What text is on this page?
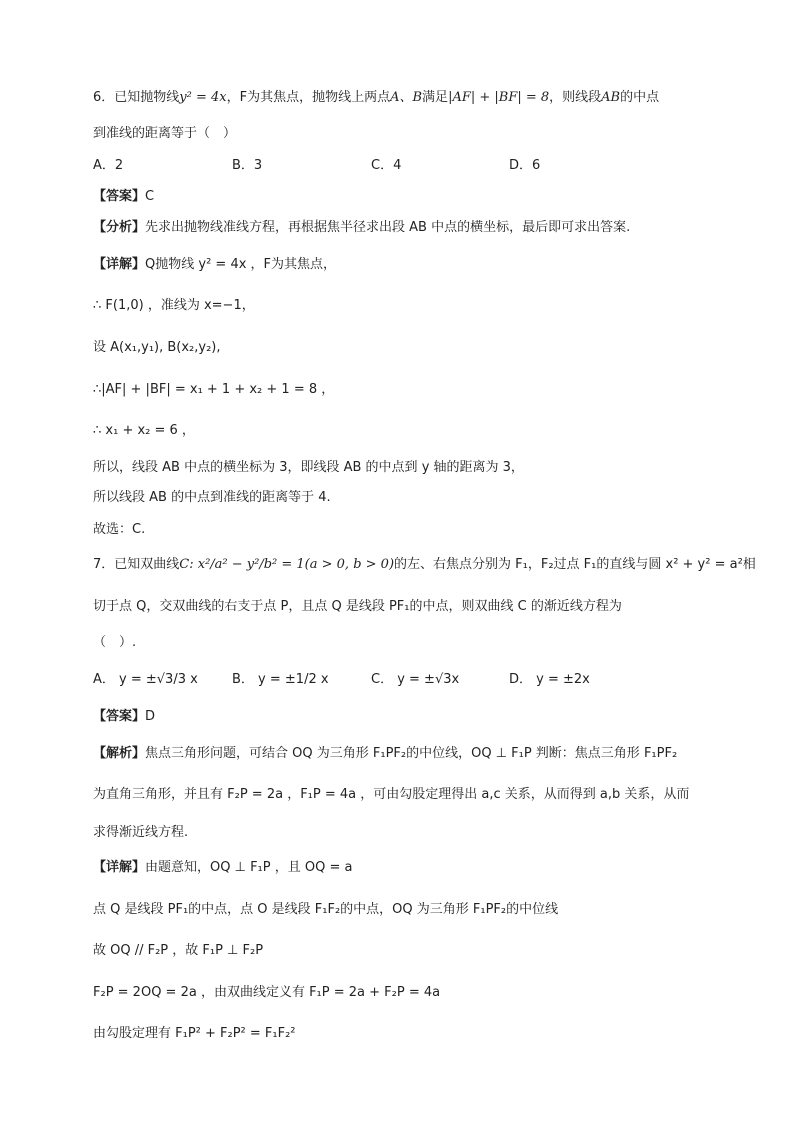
6．已知抛物线y² = 4x，F为其焦点，抛物线上两点A、B满足|AF| + |BF| = 8，则线段AB的中点
到准线的距离等于（　）
A．2	B．3	C．4	D．6
【答案】C
【分析】先求出抛物线准线方程，再根据焦半径求出段 AB 中点的横坐标，最后即可求出答案.
【详解】Q抛物线 y² = 4x ，F为其焦点，
∴ F(1,0) ，准线为 x=−1，
设 A(x₁,y₁), B(x₂,y₂),
∴|AF| + |BF| = x₁ + 1 + x₂ + 1 = 8 ，
∴ x₁ + x₂ = 6 ，
所以，线段 AB 中点的横坐标为 3，即线段 AB 的中点到 y 轴的距离为 3，
所以线段 AB 的中点到准线的距离等于 4.
故选：C.
7．已知双曲线C: x²/a² − y²/b² = 1(a > 0, b > 0)的左、右焦点分别为 F₁，F₂过点 F₁的直线与圆 x² + y² = a²相
切于点 Q，交双曲线的右支于点 P，且点 Q 是线段 PF₁的中点，则双曲线 C 的渐近线方程为
（　）.
A． y = ±√3/3 x	B． y = ±1/2 x	C． y = ±√3x	D． y = ±2x
【答案】D
【解析】焦点三角形问题，可结合 OQ 为三角形 F₁PF₂的中位线，OQ ⊥ F₁P 判断：焦点三角形 F₁PF₂
为直角三角形，并且有 F₂P = 2a ，F₁P = 4a ，可由勾股定理得出 a,c 关系，从而得到 a,b 关系，从而
求得渐近线方程.
【详解】由题意知，OQ ⊥ F₁P ，且 OQ = a
点 Q 是线段 PF₁的中点，点 O 是线段 F₁F₂的中点，OQ 为三角形 F₁PF₂的中位线
故 OQ // F₂P ，故 F₁P ⊥ F₂P
F₂P = 2OQ = 2a ，由双曲线定义有 F₁P = 2a + F₂P = 4a
由勾股定理有 F₁P² + F₂P² = F₁F₂²
